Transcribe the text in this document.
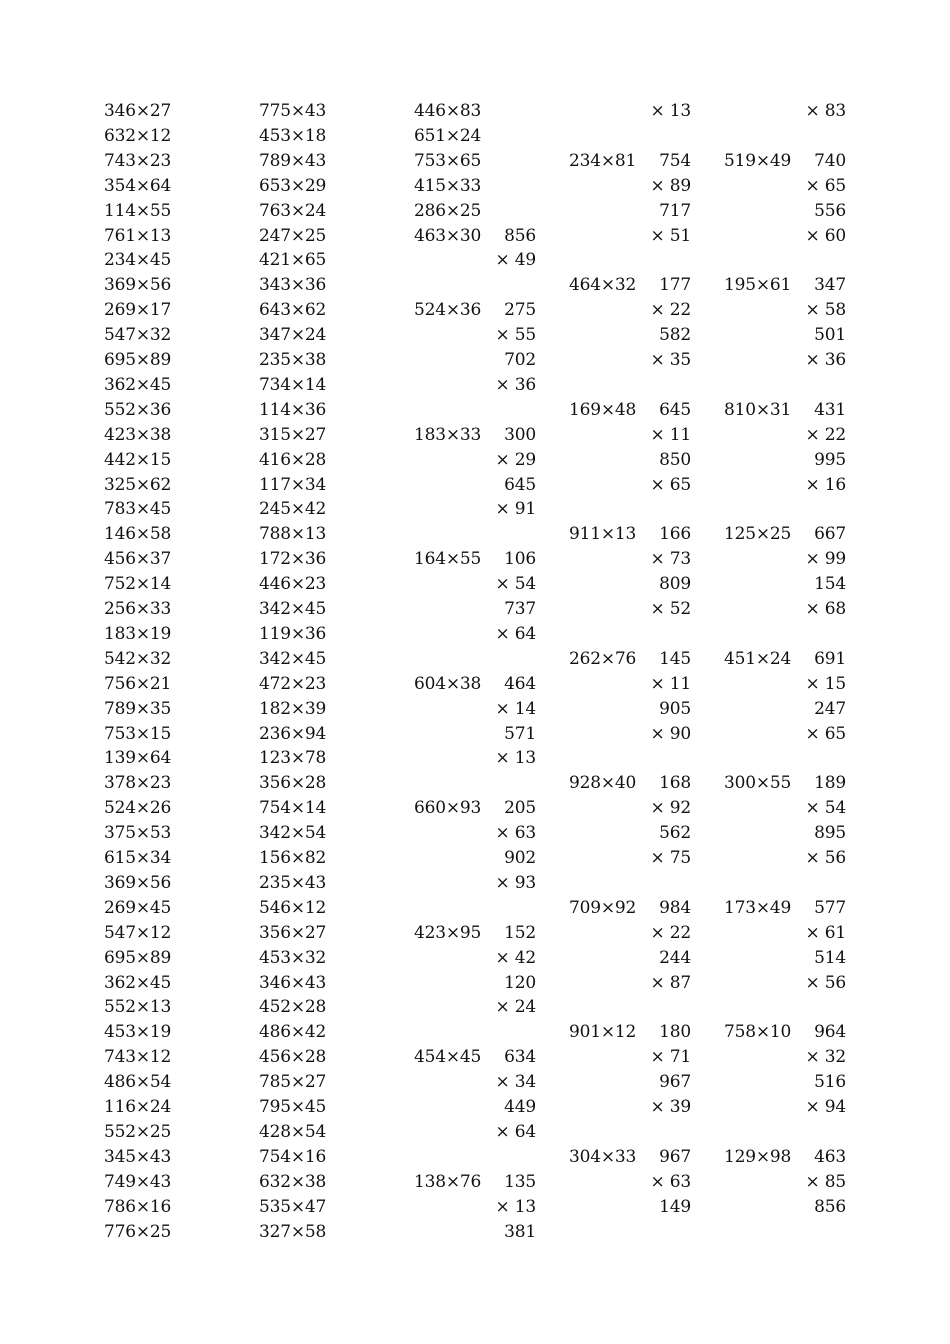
346×27
632×12
743×23
354×64
114×55
761×13
234×45
369×56
269×17
547×32
695×89
362×45
552×36
423×38
442×15
325×62
783×45
146×58
456×37
752×14
256×33
183×19
542×32
756×21
789×35
753×15
139×64
378×23
524×26
375×53
615×34
369×56
269×45
547×12
695×89
362×45
552×13
453×19
743×12
486×54
116×24
552×25
345×43
749×43
786×16
776×25
775×43
453×18
789×43
653×29
763×24
247×25
421×65
343×36
643×62
347×24
235×38
734×14
114×36
315×27
416×28
117×34
245×42
788×13
172×36
446×23
342×45
119×36
342×45
472×23
182×39
236×94
123×78
356×28
754×14
342×54
156×82
235×43
546×12
356×27
453×32
346×43
452×28
486×42
456×28
785×27
795×45
428×54
754×16
632×38
535×47
327×58
446×83
651×24
753×65
415×33
286×25
463×30
524×36
183×33
164×55
604×38
660×93
423×95
454×45
138×76
856
× 49
275
× 55
702
× 36
300
× 29
645
× 91
106
× 54
737
× 64
464
× 14
571
× 13
205
× 63
902
× 93
152
× 42
120
× 24
634
× 34
449
× 64
135
× 13
381
234×81
464×32
169×48
911×13
262×76
928×40
709×92
901×12
304×33
× 13
754
× 89
717
× 51
177
× 22
582
× 35
645
× 11
850
× 65
166
× 73
809
× 52
145
× 11
905
× 90
168
× 92
562
× 75
984
× 22
244
× 87
180
× 71
967
× 39
967
× 63
149
519×49
195×61
810×31
125×25
451×24
300×55
173×49
758×10
129×98
× 83
740
× 65
556
× 60
347
× 58
501
× 36
431
× 22
995
× 16
667
× 99
154
× 68
691
× 15
247
× 65
189
× 54
895
× 56
577
× 61
514
× 56
964
× 32
516
× 94
463
× 85
856
